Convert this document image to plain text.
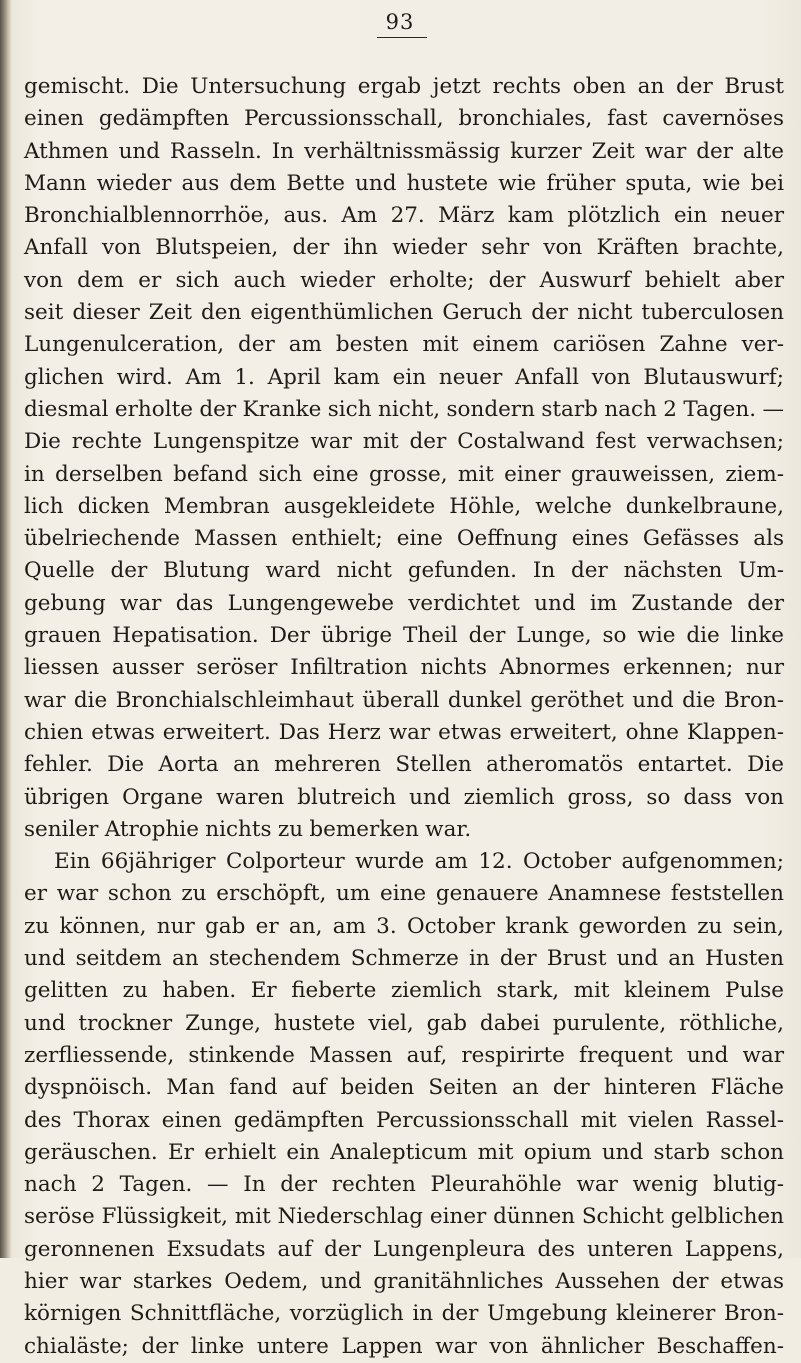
93
gemischt. Die Untersuchung ergab jetzt rechts oben an der Brust
einen gedämpften Percussionsschall, bronchiales, fast cavernöses
Athmen und Rasseln. In verhältnissmässig kurzer Zeit war der alte
Mann wieder aus dem Bette und hustete wie früher sputa, wie bei
Bronchialblennorrhöe, aus. Am 27. März kam plötzlich ein neuer
Anfall von Blutspeien, der ihn wieder sehr von Kräften brachte,
von dem er sich auch wieder erholte; der Auswurf behielt aber
seit dieser Zeit den eigenthümlichen Geruch der nicht tuberculosen
Lungenulceration, der am besten mit einem cariösen Zahne ver-
glichen wird. Am 1. April kam ein neuer Anfall von Blutauswurf;
diesmal erholte der Kranke sich nicht, sondern starb nach 2 Tagen. —
Die rechte Lungenspitze war mit der Costalwand fest verwachsen;
in derselben befand sich eine grosse, mit einer grauweissen, ziem-
lich dicken Membran ausgekleidete Höhle, welche dunkelbraune,
übelriechende Massen enthielt; eine Oeffnung eines Gefässes als
Quelle der Blutung ward nicht gefunden. In der nächsten Um-
gebung war das Lungengewebe verdichtet und im Zustande der
grauen Hepatisation. Der übrige Theil der Lunge, so wie die linke
liessen ausser seröser Infiltration nichts Abnormes erkennen; nur
war die Bronchialschleimhaut überall dunkel geröthet und die Bron-
chien etwas erweitert. Das Herz war etwas erweitert, ohne Klappen-
fehler. Die Aorta an mehreren Stellen atheromatös entartet. Die
übrigen Organe waren blutreich und ziemlich gross, so dass von
seniler Atrophie nichts zu bemerken war.
Ein 66jähriger Colporteur wurde am 12. October aufgenommen;
er war schon zu erschöpft, um eine genauere Anamnese feststellen
zu können, nur gab er an, am 3. October krank geworden zu sein,
und seitdem an stechendem Schmerze in der Brust und an Husten
gelitten zu haben. Er fieberte ziemlich stark, mit kleinem Pulse
und trockner Zunge, hustete viel, gab dabei purulente, röthliche,
zerfliessende, stinkende Massen auf, respirirte frequent und war
dyspnöisch. Man fand auf beiden Seiten an der hinteren Fläche
des Thorax einen gedämpften Percussionsschall mit vielen Rassel-
geräuschen. Er erhielt ein Analepticum mit opium und starb schon
nach 2 Tagen. — In der rechten Pleurahöhle war wenig blutig-
seröse Flüssigkeit, mit Niederschlag einer dünnen Schicht gelblichen
geronnenen Exsudats auf der Lungenpleura des unteren Lappens,
hier war starkes Oedem, und granitähnliches Aussehen der etwas
körnigen Schnittfläche, vorzüglich in der Umgebung kleinerer Bron-
chialäste; der linke untere Lappen war von ähnlicher Beschaffen-
